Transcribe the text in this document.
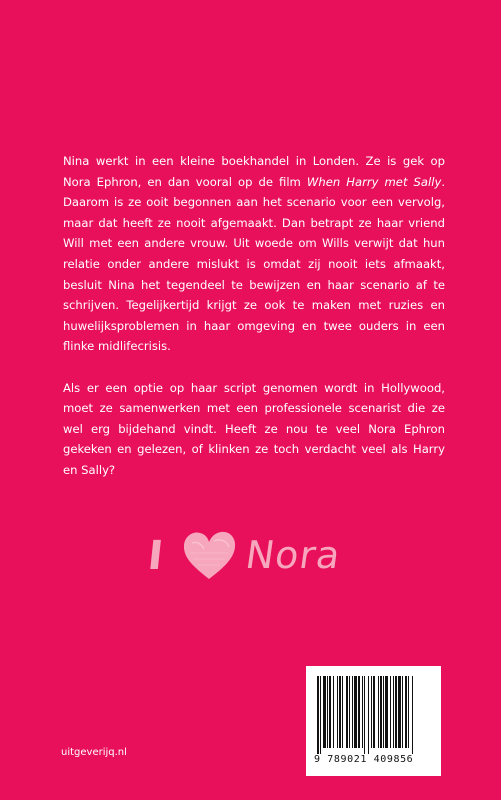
Nina werkt in een kleine boekhandel in Londen. Ze is gek op Nora Ephron, en dan vooral op de film When Harry met Sally. Daarom is ze ooit begonnen aan het scenario voor een vervolg, maar dat heeft ze nooit afgemaakt. Dan betrapt ze haar vriend Will met een andere vrouw. Uit woede om Wills verwijt dat hun relatie onder andere mislukt is omdat zij nooit iets afmaakt, besluit Nina het tegendeel te bewijzen en haar scenario af te schrijven. Tegelijkertijd krijgt ze ook te maken met ruzies en huwelijksproblemen in haar omgeving en twee ouders in een flinke midlifecrisis.

Als er een optie op haar script genomen wordt in Hollywood, moet ze samenwerken met een professionele scenarist die ze wel erg bijdehand vindt. Heeft ze nou te veel Nora Ephron gekeken en gelezen, of klinken ze toch verdacht veel als Harry en Sally?

I Nora
9 789021 409856
uitgeverijq.nl
